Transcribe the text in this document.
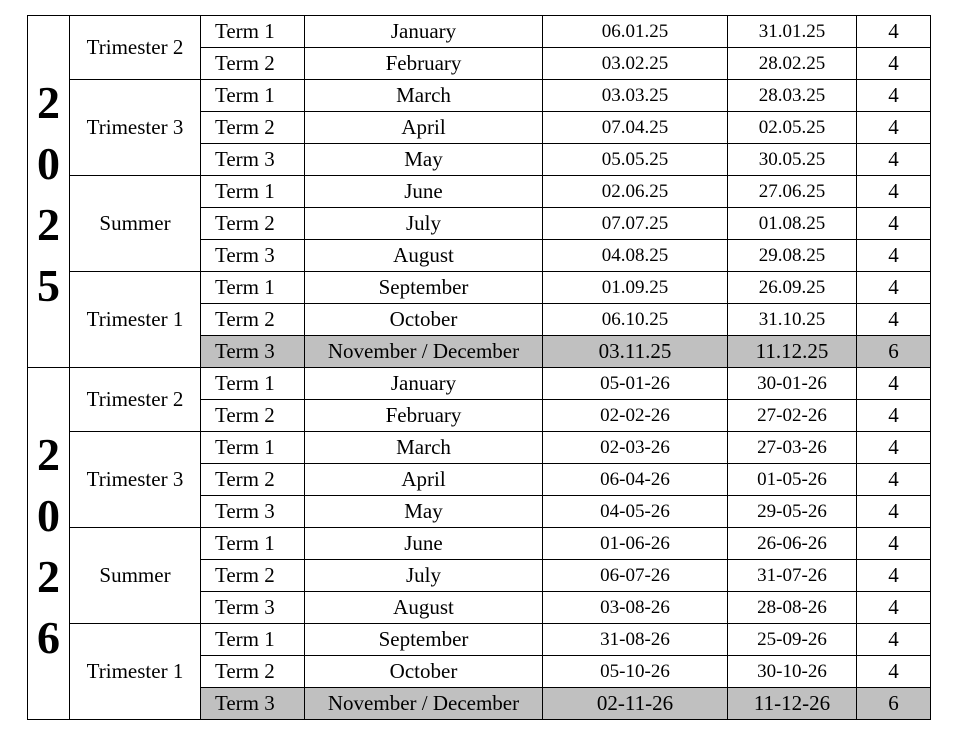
2
0
2
5	Trimester 2	Term 1	January	06.01.25	31.01.25	4
		Term 2	February	03.02.25	28.02.25	4
	Trimester 3	Term 1	March	03.03.25	28.03.25	4
		Term 2	April	07.04.25	02.05.25	4
		Term 3	May	05.05.25	30.05.25	4
	Summer	Term 1	June	02.06.25	27.06.25	4
		Term 2	July	07.07.25	01.08.25	4
		Term 3	August	04.08.25	29.08.25	4
	Trimester 1	Term 1	September	01.09.25	26.09.25	4
		Term 2	October	06.10.25	31.10.25	4
		Term 3	November / December	03.11.25	11.12.25	6

2
0
2
6	Trimester 2	Term 1	January	05-01-26	30-01-26	4
		Term 2	February	02-02-26	27-02-26	4
	Trimester 3	Term 1	March	02-03-26	27-03-26	4
		Term 2	April	06-04-26	01-05-26	4
		Term 3	May	04-05-26	29-05-26	4
	Summer	Term 1	June	01-06-26	26-06-26	4
		Term 2	July	06-07-26	31-07-26	4
		Term 3	August	03-08-26	28-08-26	4
	Trimester 1	Term 1	September	31-08-26	25-09-26	4
		Term 2	October	05-10-26	30-10-26	4
		Term 3	November / December	02-11-26	11-12-26	6
